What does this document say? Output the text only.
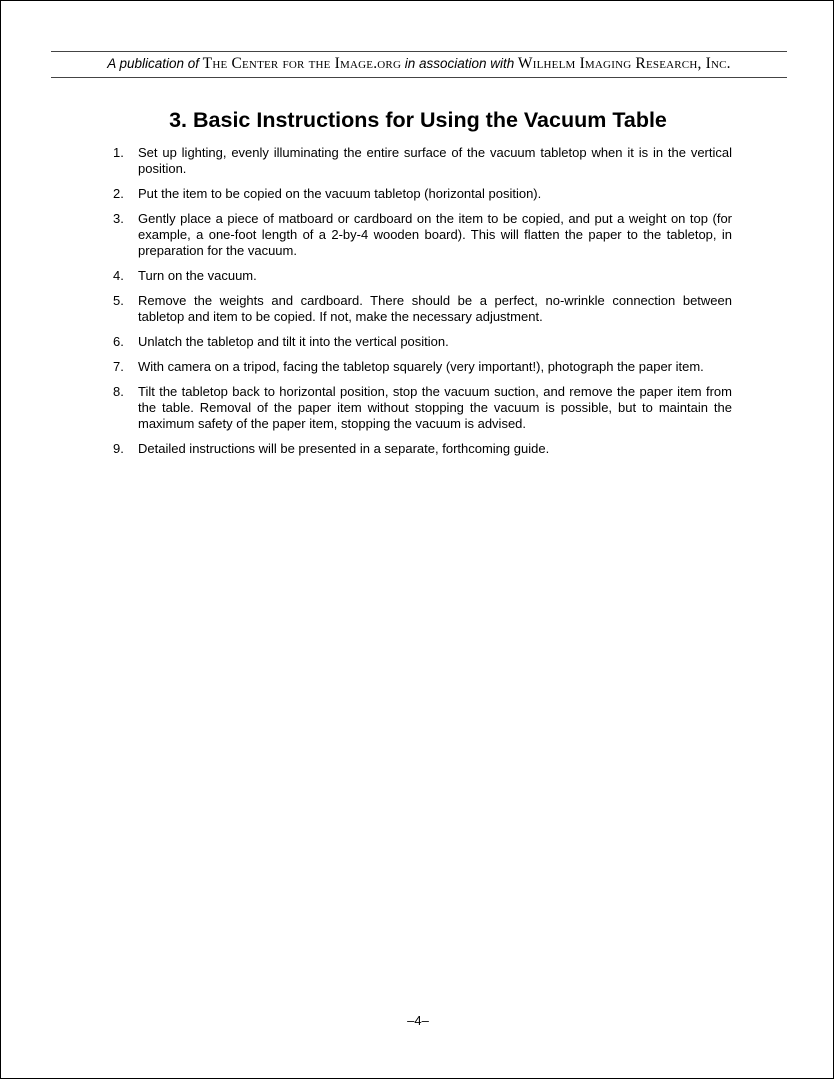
A publication of The Center for the Image.org in association with Wilhelm Imaging Research, Inc.
3. Basic Instructions for Using the Vacuum Table
1. Set up lighting, evenly illuminating the entire surface of the vacuum tabletop when it is in the vertical position.
2. Put the item to be copied on the vacuum tabletop (horizontal position).
3. Gently place a piece of matboard or cardboard on the item to be copied, and put a weight on top (for example, a one-foot length of a 2-by-4 wooden board). This will flatten the paper to the tabletop, in preparation for the vacuum.
4. Turn on the vacuum.
5. Remove the weights and cardboard. There should be a perfect, no-wrinkle connection between tabletop and item to be copied. If not, make the necessary adjustment.
6. Unlatch the tabletop and tilt it into the vertical position.
7. With camera on a tripod, facing the tabletop squarely (very important!), photograph the paper item.
8. Tilt the tabletop back to horizontal position, stop the vacuum suction, and remove the paper item from the table. Removal of the paper item without stopping the vacuum is possible, but to maintain the maximum safety of the paper item, stopping the vacuum is advised.
9. Detailed instructions will be presented in a separate, forthcoming guide.
–4–
